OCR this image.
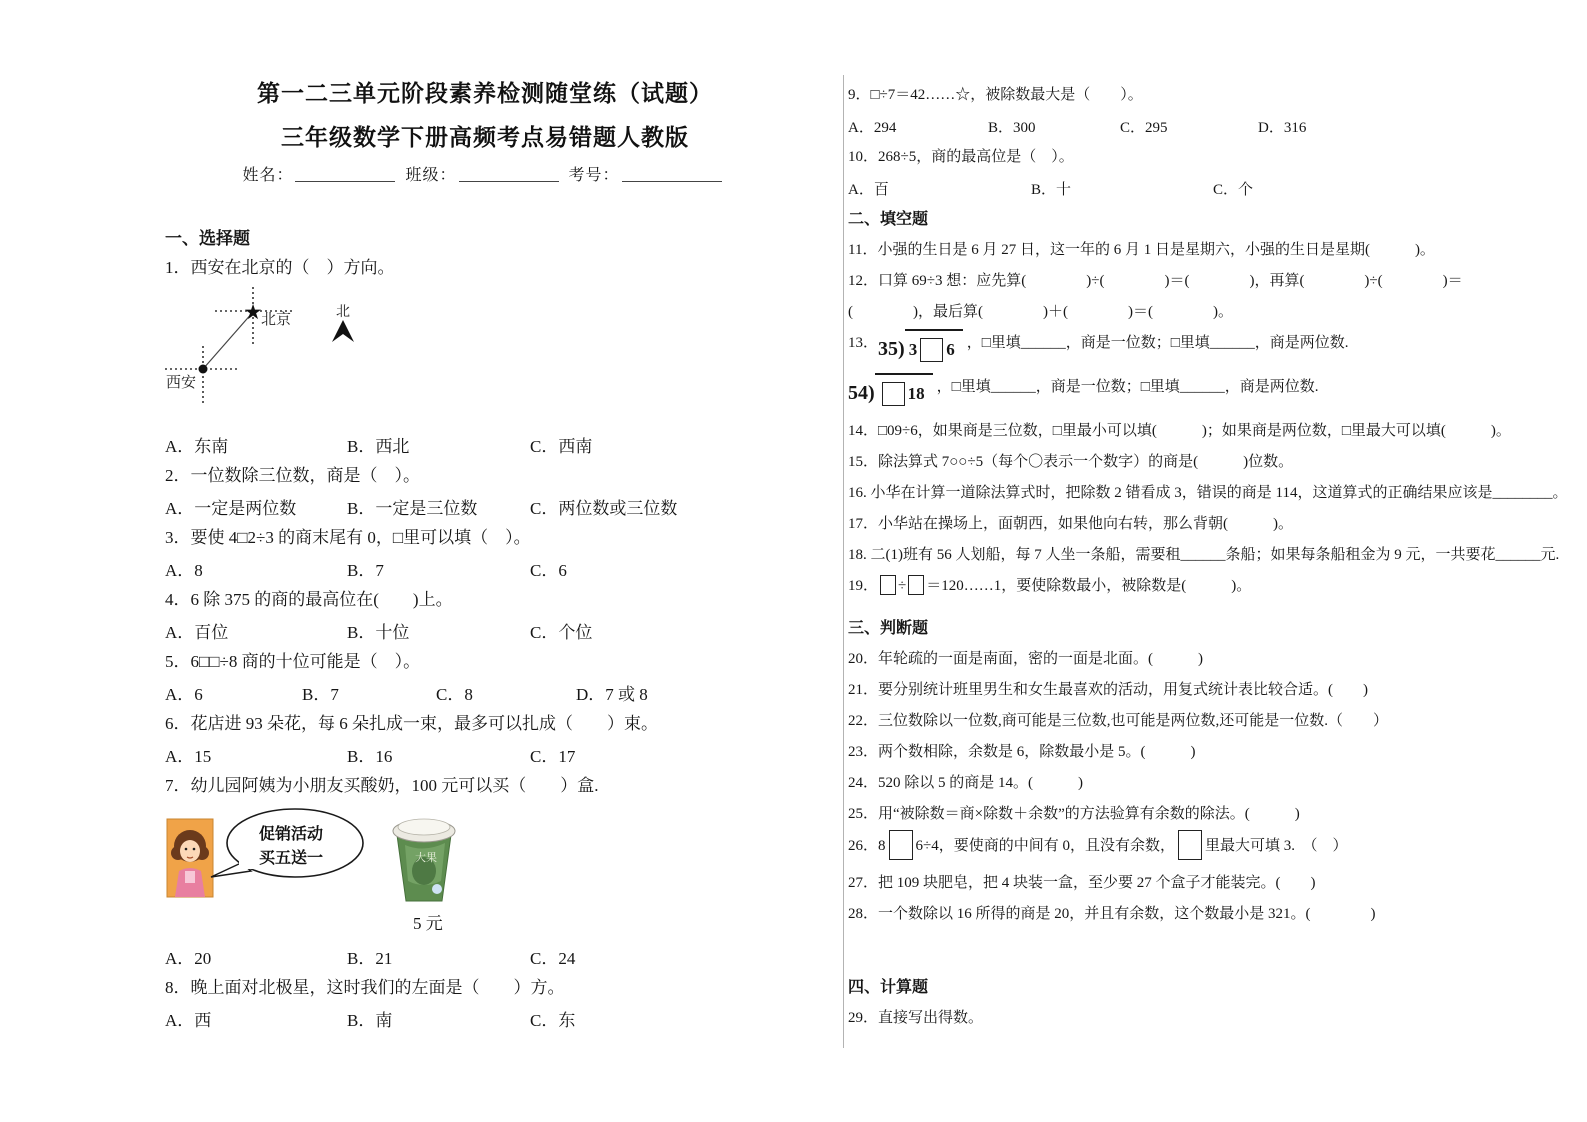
第一二三单元阶段素养检测随堂练（试题）
三年级数学下册高频考点易错题人教版
姓名：	班级：	考号：

一、选择题

1．西安在北京的（　）方向。

★
北京
西安
北
A．东南	B．西北	C．西南

2．一位数除三位数，商是（　）。

A．一定是两位数	B．一定是三位数	C．两位数或三位数

3．要使 4□2÷3 的商末尾有 0，□里可以填（　）。

A．8	B．7	C．6

4．6 除 375 的商的最高位在(　　)上。

A．百位	B．十位	C．个位

5．6□□÷8 商的十位可能是（　）。

A．6	B．7	C．8	D．7 或 8

6．花店进 93 朵花，每 6 朵扎成一束，最多可以扎成（　　）束。

A．15	B．16	C．17

7．幼儿园阿姨为小朋友买酸奶，100 元可以买（　　）盒.

促销活动
买五送一	大果
5 元
A．20	B．21	C．24

8．晚上面对北极星，这时我们的左面是（　　）方。

A．西	B．南	C．东

9．□÷7＝42……☆，被除数最大是（　　）。

A．294	B．300	C．295	D．316

10．268÷5，商的最高位是（　）。

A．百	B．十	C．个

二、填空题

11．小强的生日是 6 月 27 日，这一年的 6 月 1 日是星期六，小强的生日是星期(　　　)。

12．口算 69÷3 想：应先算(　　　　)÷(　　　　)＝(　　　　)，再算(　　　　)÷(　　　　)＝

(　　　　)，最后算(　　　　)＋(　　　　)＝(　　　　)。

13．35) 3 6 ，□里填______，商是一位数；□里填______，商是两位数.

54) 18 ，□里填______，商是一位数；□里填______，商是两位数.

14．□09÷6，如果商是三位数，□里最小可以填(　　　)；如果商是两位数，□里最大可以填(　　　)。

15．除法算式 7○○÷5（每个〇表示一个数字）的商是(　　　)位数。

16. 小华在计算一道除法算式时，把除数 2 错看成 3，错误的商是 114，这道算式的正确结果应该是________。

17．小华站在操场上，面朝西，如果他向右转，那么背朝(　　　)。

18. 二(1)班有 56 人划船，每 7 人坐一条船，需要租______条船；如果每条船租金为 9 元，一共要花______元.

19． ÷ ＝120……1，要使除数最小，被除数是(　　　)。

三、判断题

20．年轮疏的一面是南面，密的一面是北面。(　　　)

21．要分别统计班里男生和女生最喜欢的活动，用复式统计表比较合适。(　　)

22．三位数除以一位数,商可能是三位数,也可能是两位数,还可能是一位数.（　　）

23．两个数相除，余数是 6，除数最小是 5。(　　　)

24．520 除以 5 的商是 14。(　　　)

25．用“被除数＝商×除数＋余数”的方法验算有余数的除法。(　　　)

26．8 6÷4，要使商的中间有 0，且没有余数， 里最大可填 3.　（　）

27．把 109 块肥皂，把 4 块装一盒，至少要 27 个盒子才能装完。(　　)

28．一个数除以 16 所得的商是 20，并且有余数，这个数最小是 321。(　　　　)

四、计算题

29．直接写出得数。
